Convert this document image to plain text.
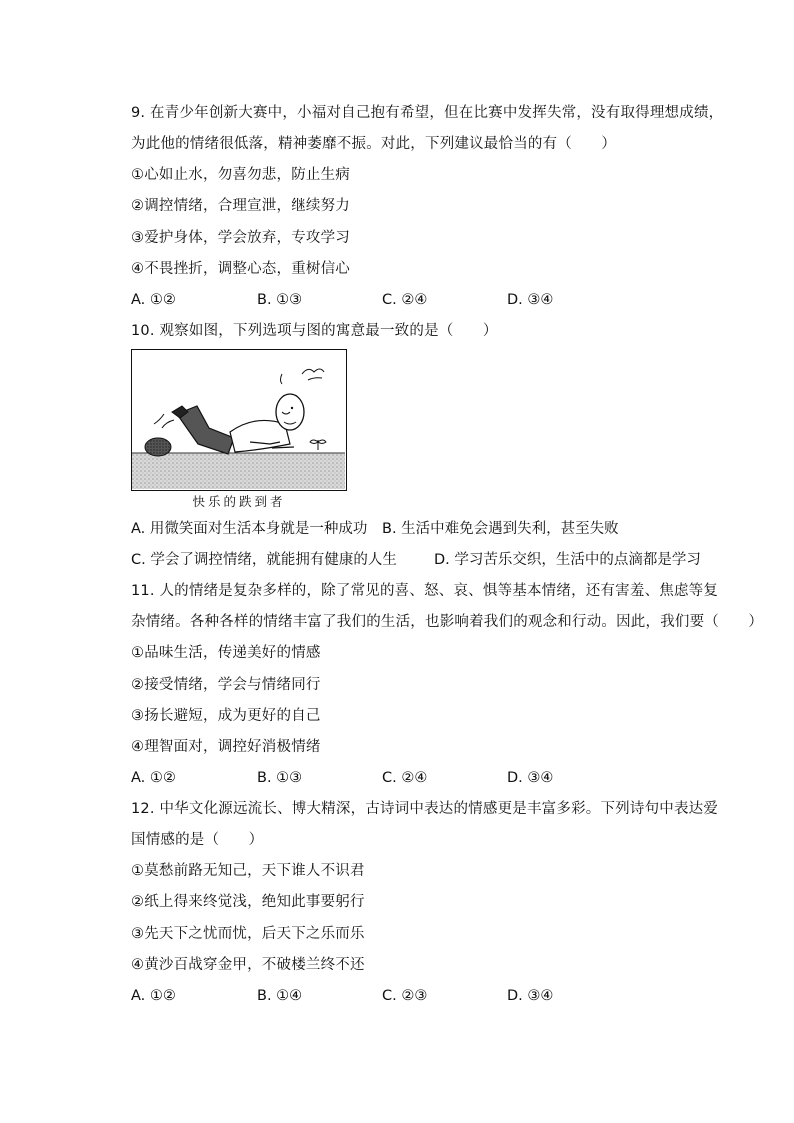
9. 在青少年创新大赛中，小福对自己抱有希望，但在比赛中发挥失常，没有取得理想成绩，
为此他的情绪很低落，精神萎靡不振。对此，下列建议最恰当的有（　　）
①心如止水，勿喜勿悲，防止生病
②调控情绪，合理宣泄，继续努力
③爱护身体，学会放弃，专攻学习
④不畏挫折，调整心态，重树信心
A. ①②	B. ①③	C. ②④	D. ③④
10. 观察如图，下列选项与图的寓意最一致的是（　　）
快乐的跌到者
A. 用微笑面对生活本身就是一种成功 B. 生活中难免会遇到失利，甚至失败
C. 学会了调控情绪，就能拥有健康的人生	D. 学习苦乐交织，生活中的点滴都是学习
11. 人的情绪是复杂多样的，除了常见的喜、怒、哀、惧等基本情绪，还有害羞、焦虑等复
杂情绪。各种各样的情绪丰富了我们的生活，也影响着我们的观念和行动。因此，我们要（　　）
①品味生活，传递美好的情感
②接受情绪，学会与情绪同行
③扬长避短，成为更好的自己
④理智面对，调控好消极情绪
A. ①②	B. ①③	C. ②④	D. ③④
12. 中华文化源远流长、博大精深，古诗词中表达的情感更是丰富多彩。下列诗句中表达爱
国情感的是（　　）
①莫愁前路无知己，天下谁人不识君
②纸上得来终觉浅，绝知此事要躬行
③先天下之忧而忧，后天下之乐而乐
④黄沙百战穿金甲，不破楼兰终不还
A. ①②	B. ①④	C. ②③	D. ③④
